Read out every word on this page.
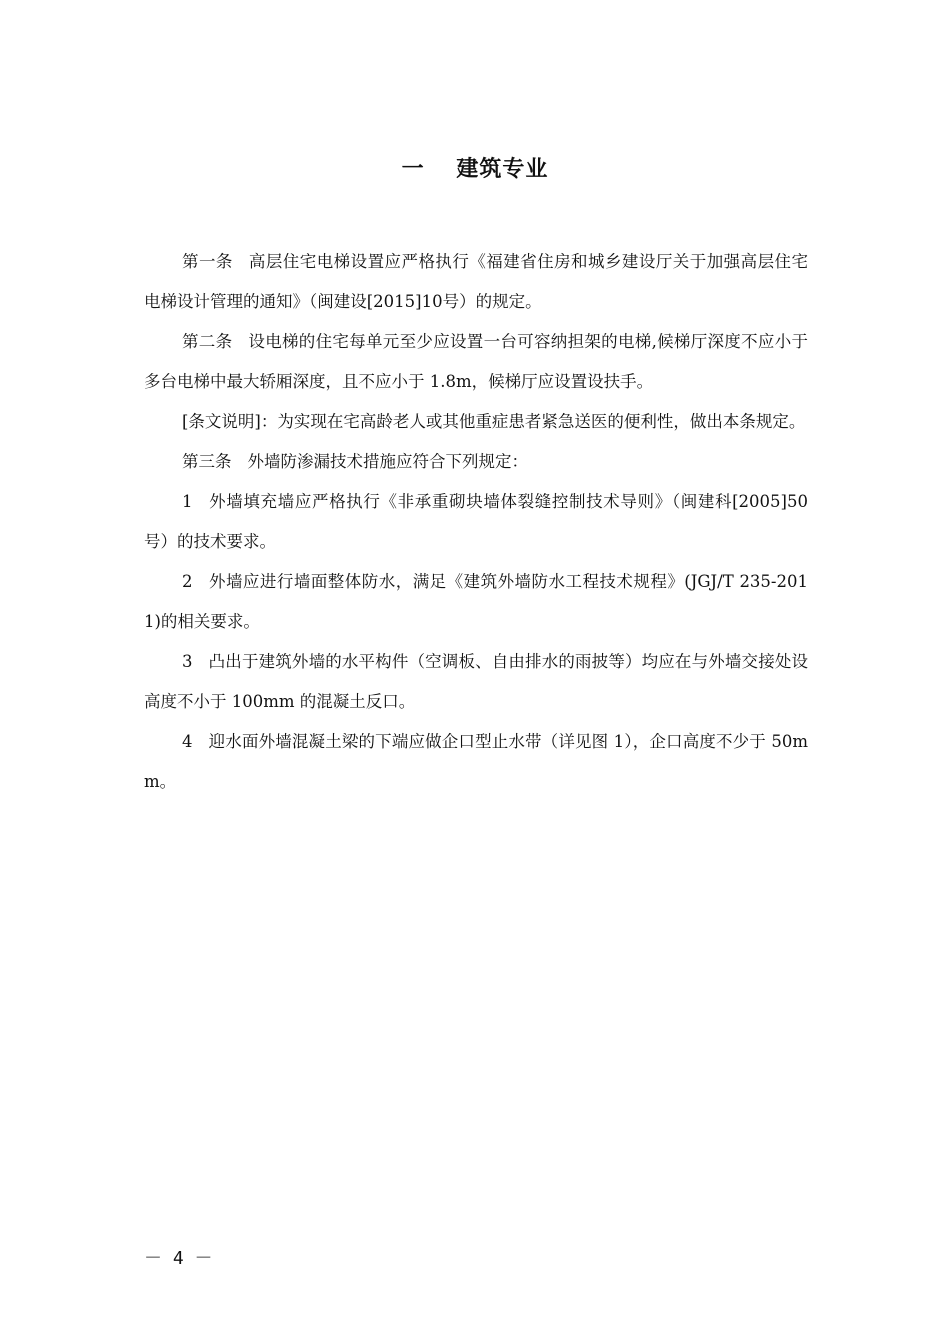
一　 建筑专业

第一条 高层住宅电梯设置应严格执行《福建省住房和城乡建设厅关于加强高层住宅电梯设计管理的通知》（闽建设[2015]10号）的规定。

第二条 设电梯的住宅每单元至少应设置一台可容纳担架的电梯,候梯厅深度不应小于多台电梯中最大轿厢深度，且不应小于 1.8m，候梯厅应设置设扶手。

[条文说明]：为实现在宅高龄老人或其他重症患者紧急送医的便利性，做出本条规定。

第三条 外墙防渗漏技术措施应符合下列规定：

1 外墙填充墙应严格执行《非承重砌块墙体裂缝控制技术导则》（闽建科[2005]50号）的技术要求。

2 外墙应进行墙面整体防水，满足《建筑外墙防水工程技术规程》(JGJ/T 235-2011)的相关要求。

3 凸出于建筑外墙的水平构件（空调板、自由排水的雨披等）均应在与外墙交接处设高度不小于 100mm 的混凝土反口。

4 迎水面外墙混凝土梁的下端应做企口型止水带（详见图 1），企口高度不少于 50mm。

－ 4 －
